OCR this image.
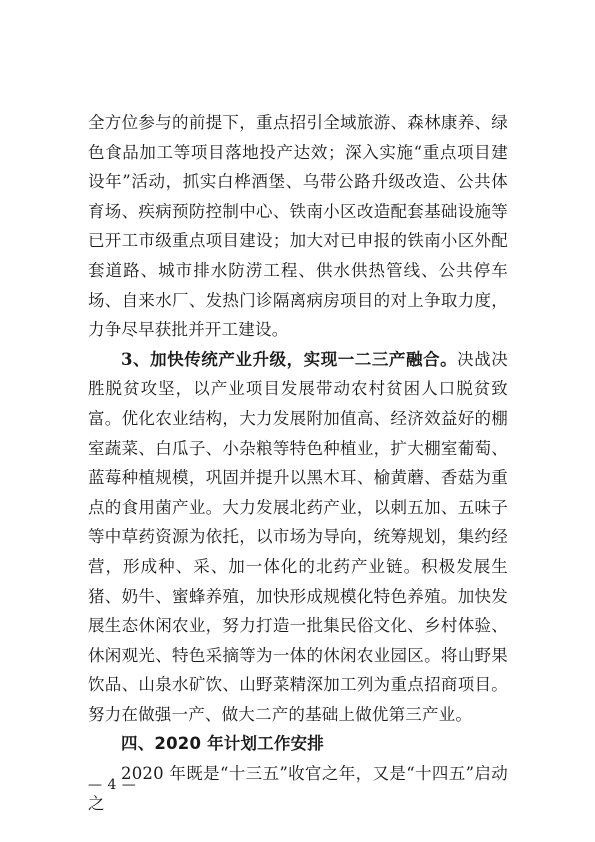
全方位参与的前提下，重点招引全域旅游、森林康养、绿色食品加工等项目落地投产达效；深入实施“重点项目建设年”活动，抓实白桦酒堡、乌带公路升级改造、公共体育场、疾病预防控制中心、铁南小区改造配套基础设施等已开工市级重点项目建设；加大对已申报的铁南小区外配套道路、城市排水防涝工程、供水供热管线、公共停车场、自来水厂、发热门诊隔离病房项目的对上争取力度，力争尽早获批并开工建设。

3、加快传统产业升级，实现一二三产融合。决战决胜脱贫攻坚，以产业项目发展带动农村贫困人口脱贫致富。优化农业结构，大力发展附加值高、经济效益好的棚室蔬菜、白瓜子、小杂粮等特色种植业，扩大棚室葡萄、蓝莓种植规模，巩固并提升以黑木耳、榆黄蘑、香菇为重点的食用菌产业。大力发展北药产业，以刺五加、五味子等中草药资源为依托，以市场为导向，统筹规划，集约经营，形成种、采、加一体化的北药产业链。积极发展生猪、奶牛、蜜蜂养殖，加快形成规模化特色养殖。加快发展生态休闲农业，努力打造一批集民俗文化、乡村体验、休闲观光、特色采摘等为一体的休闲农业园区。将山野果饮品、山泉水矿饮、山野菜精深加工列为重点招商项目。努力在做强一产、做大二产的基础上做优第三产业。

四、2020 年计划工作安排

2020 年既是“十三五”收官之年，又是“十四五”启动之

— 4 —
